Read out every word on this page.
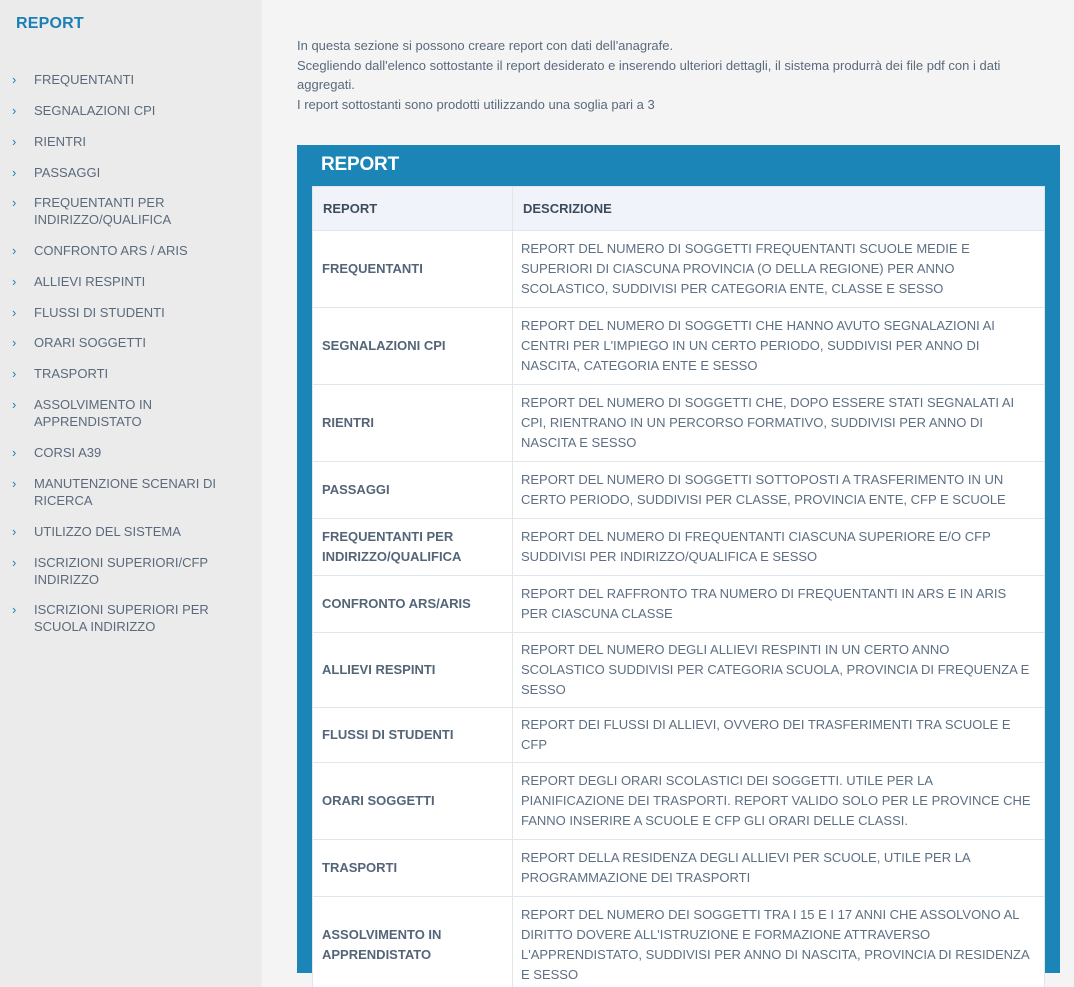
REPORT
›	FREQUENTANTI
›	SEGNALAZIONI CPI
›	RIENTRI
›	PASSAGGI
›	FREQUENTANTI PER INDIRIZZO/QUALIFICA
›	CONFRONTO ARS / ARIS
›	ALLIEVI RESPINTI
›	FLUSSI DI STUDENTI
›	ORARI SOGGETTI
›	TRASPORTI
›	ASSOLVIMENTO IN APPRENDISTATO
›	CORSI A39
›	MANUTENZIONE SCENARI DI RICERCA
›	UTILIZZO DEL SISTEMA
›	ISCRIZIONI SUPERIORI/CFP INDIRIZZO
›	ISCRIZIONI SUPERIORI PER SCUOLA INDIRIZZO
In questa sezione si possono creare report con dati dell'anagrafe.
Scegliendo dall'elenco sottostante il report desiderato e inserendo ulteriori dettagli, il sistema produrrà dei file pdf con i dati aggregati.
I report sottostanti sono prodotti utilizzando una soglia pari a 3
REPORT
REPORT	DESCRIZIONE
FREQUENTANTI	REPORT DEL NUMERO DI SOGGETTI FREQUENTANTI SCUOLE MEDIE E SUPERIORI DI CIASCUNA PROVINCIA (O DELLA REGIONE) PER ANNO SCOLASTICO, SUDDIVISI PER CATEGORIA ENTE, CLASSE E SESSO
SEGNALAZIONI CPI	REPORT DEL NUMERO DI SOGGETTI CHE HANNO AVUTO SEGNALAZIONI AI CENTRI PER L'IMPIEGO IN UN CERTO PERIODO, SUDDIVISI PER ANNO DI NASCITA, CATEGORIA ENTE E SESSO
RIENTRI	REPORT DEL NUMERO DI SOGGETTI CHE, DOPO ESSERE STATI SEGNALATI AI CPI, RIENTRANO IN UN PERCORSO FORMATIVO, SUDDIVISI PER ANNO DI NASCITA E SESSO
PASSAGGI	REPORT DEL NUMERO DI SOGGETTI SOTTOPOSTI A TRASFERIMENTO IN UN CERTO PERIODO, SUDDIVISI PER CLASSE, PROVINCIA ENTE, CFP E SCUOLE
FREQUENTANTI PER INDIRIZZO/QUALIFICA	REPORT DEL NUMERO DI FREQUENTANTI CIASCUNA SUPERIORE E/O CFP SUDDIVISI PER INDIRIZZO/QUALIFICA E SESSO
CONFRONTO ARS/ARIS	REPORT DEL RAFFRONTO TRA NUMERO DI FREQUENTANTI IN ARS E IN ARIS PER CIASCUNA CLASSE
ALLIEVI RESPINTI	REPORT DEL NUMERO DEGLI ALLIEVI RESPINTI IN UN CERTO ANNO SCOLASTICO SUDDIVISI PER CATEGORIA SCUOLA, PROVINCIA DI FREQUENZA E SESSO
FLUSSI DI STUDENTI	REPORT DEI FLUSSI DI ALLIEVI, OVVERO DEI TRASFERIMENTI TRA SCUOLE E CFP
ORARI SOGGETTI	REPORT DEGLI ORARI SCOLASTICI DEI SOGGETTI. UTILE PER LA PIANIFICAZIONE DEI TRASPORTI. REPORT VALIDO SOLO PER LE PROVINCE CHE FANNO INSERIRE A SCUOLE E CFP GLI ORARI DELLE CLASSI.
TRASPORTI	REPORT DELLA RESIDENZA DEGLI ALLIEVI PER SCUOLE, UTILE PER LA PROGRAMMAZIONE DEI TRASPORTI
ASSOLVIMENTO IN APPRENDISTATO	REPORT DEL NUMERO DEI SOGGETTI TRA I 15 E I 17 ANNI CHE ASSOLVONO AL DIRITTO DOVERE ALL'ISTRUZIONE E FORMAZIONE ATTRAVERSO L'APPRENDISTATO, SUDDIVISI PER ANNO DI NASCITA, PROVINCIA DI RESIDENZA E SESSO
